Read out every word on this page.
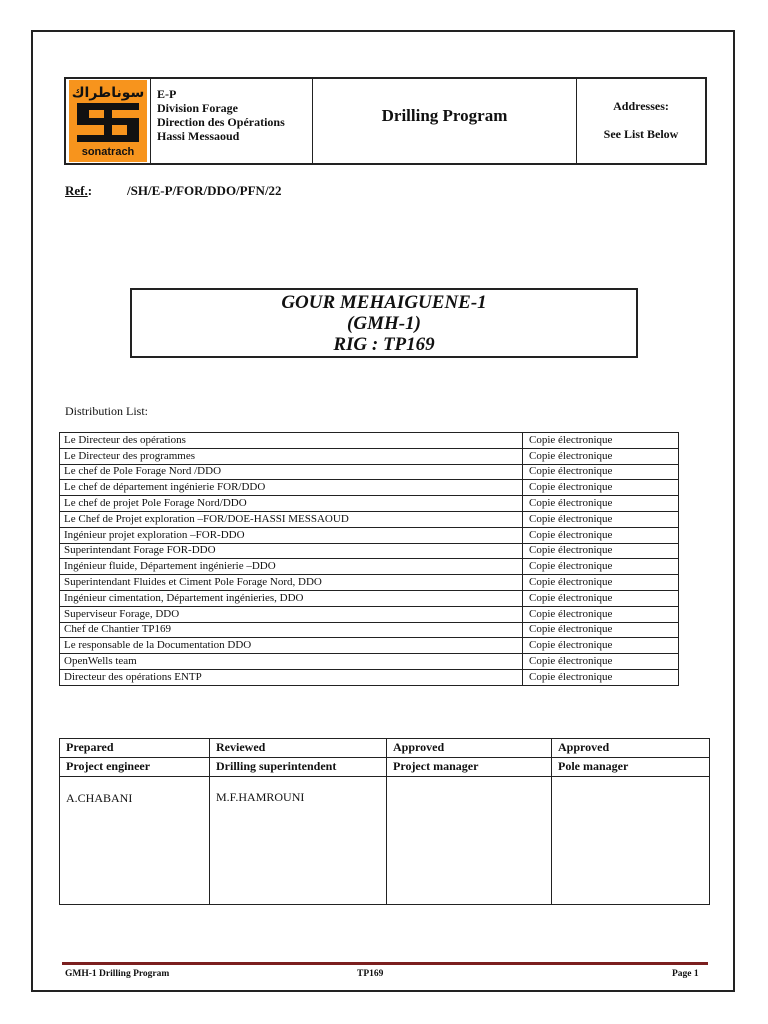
سوناطراك
sonatrach
E-P
Division Forage
Direction des Opérations
Hassi Messaoud
Drilling Program	Addresses:
See List Below
Ref.:	/SH/E-P/FOR/DDO/PFN/22
GOUR MEHAIGUENE-1
(GMH-1)
RIG : TP169
Distribution List:
Le Directeur des opérations	Copie électronique
Le Directeur des programmes	Copie électronique
Le chef de Pole Forage Nord /DDO	Copie électronique
Le chef de département ingénierie FOR/DDO	Copie électronique
Le chef de projet Pole Forage Nord/DDO	Copie électronique
Le Chef de Projet exploration –FOR/DOE-HASSI MESSAOUD	Copie électronique
Ingénieur projet exploration –FOR-DDO	Copie électronique
Superintendant Forage FOR-DDO	Copie électronique
Ingénieur fluide, Département ingénierie –DDO	Copie électronique
Superintendant Fluides et Ciment Pole Forage Nord, DDO	Copie électronique
Ingénieur cimentation, Département ingénieries, DDO	Copie électronique
Superviseur Forage, DDO	Copie électronique
Chef de Chantier TP169	Copie électronique
Le responsable de la Documentation DDO	Copie électronique
OpenWells team	Copie électronique
Directeur des opérations ENTP	Copie électronique
Prepared	Reviewed	Approved	Approved
Project engineer	Drilling superintendent	Project manager	Pole manager
A.CHABANI	M.F.HAMROUNI		
GMH-1 Drilling Program	TP169	Page 1
